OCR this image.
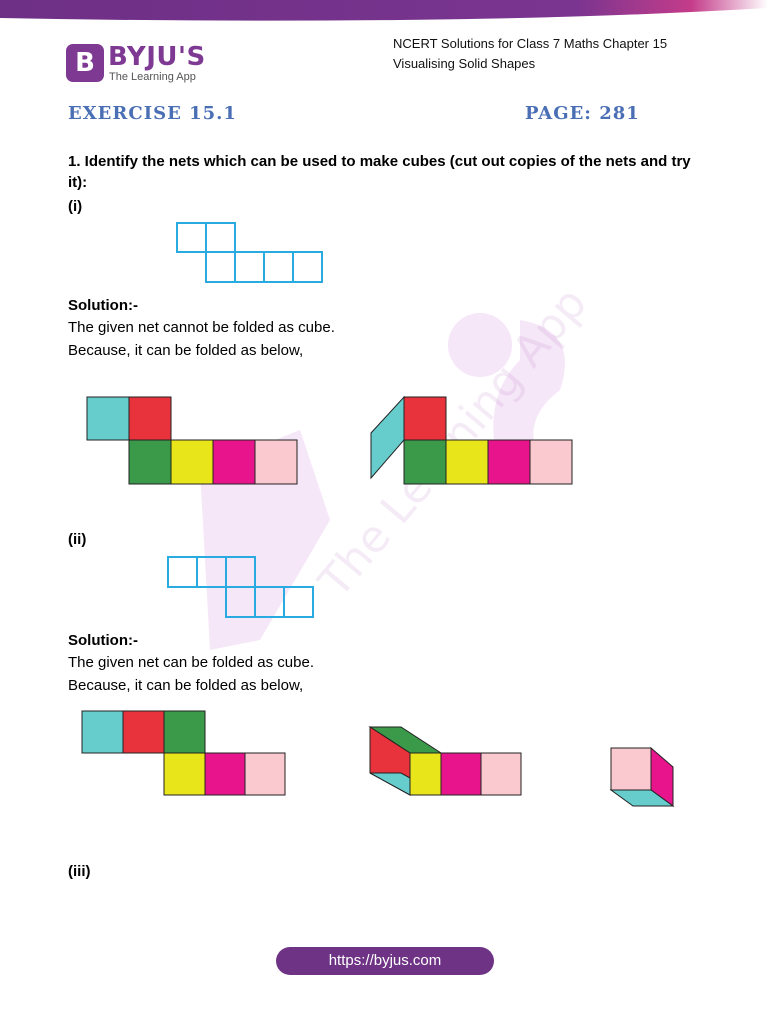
The App
B BYJU'S
The Learning App
NCERT Solutions for Class 7 Maths Chapter 15
Visualising Solid Shapes
EXERCISE 15.1	PAGE: 281
1. Identify the nets which can be used to make cubes (cut out copies of the nets and try it):
(i)
Solution:-
The given net cannot be folded as cube.
Because, it can be folded as below,
(ii)
Solution:-
The given net can be folded as cube.
Because, it can be folded as below,
(iii)
https://byjus.com
